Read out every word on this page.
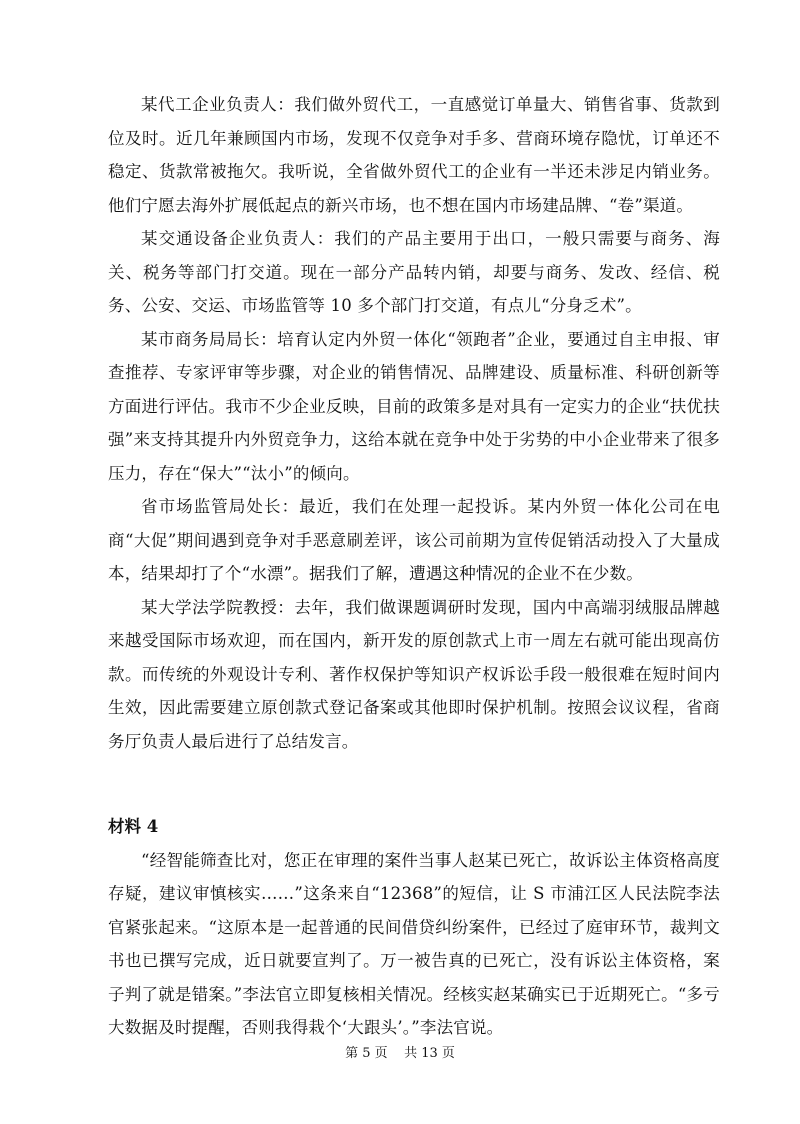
某代工企业负责人：我们做外贸代工，一直感觉订单量大、销售省事、货款到位及时。近几年兼顾国内市场，发现不仅竞争对手多、营商环境存隐忧，订单还不稳定、货款常被拖欠。我听说，全省做外贸代工的企业有一半还未涉足内销业务。他们宁愿去海外扩展低起点的新兴市场，也不想在国内市场建品牌、“卷”渠道。

某交通设备企业负责人：我们的产品主要用于出口，一般只需要与商务、海关、税务等部门打交道。现在一部分产品转内销，却要与商务、发改、经信、税务、公安、交运、市场监管等 10 多个部门打交道，有点儿“分身乏术”。

某市商务局局长：培育认定内外贸一体化“领跑者”企业，要通过自主申报、审查推荐、专家评审等步骤，对企业的销售情况、品牌建设、质量标准、科研创新等方面进行评估。我市不少企业反映，目前的政策多是对具有一定实力的企业“扶优扶强”来支持其提升内外贸竞争力，这给本就在竞争中处于劣势的中小企业带来了很多压力，存在“保大”“汰小”的倾向。

省市场监管局处长：最近，我们在处理一起投诉。某内外贸一体化公司在电商“大促”期间遇到竞争对手恶意刷差评，该公司前期为宣传促销活动投入了大量成本，结果却打了个“水漂”。据我们了解，遭遇这种情况的企业不在少数。

某大学法学院教授：去年，我们做课题调研时发现，国内中高端羽绒服品牌越来越受国际市场欢迎，而在国内，新开发的原创款式上市一周左右就可能出现高仿款。而传统的外观设计专利、著作权保护等知识产权诉讼手段一般很难在短时间内生效，因此需要建立原创款式登记备案或其他即时保护机制。按照会议议程，省商务厅负责人最后进行了总结发言。

材料 4

“经智能筛查比对，您正在审理的案件当事人赵某已死亡，故诉讼主体资格高度存疑，建议审慎核实……”这条来自“12368”的短信，让 S 市浦江区人民法院李法官紧张起来。“这原本是一起普通的民间借贷纠纷案件，已经过了庭审环节，裁判文书也已撰写完成，近日就要宣判了。万一被告真的已死亡，没有诉讼主体资格，案子判了就是错案。”李法官立即复核相关情况。经核实赵某确实已于近期死亡。“多亏大数据及时提醒，否则我得栽个‘大跟头’。”李法官说。

第 5 页    共 13 页
